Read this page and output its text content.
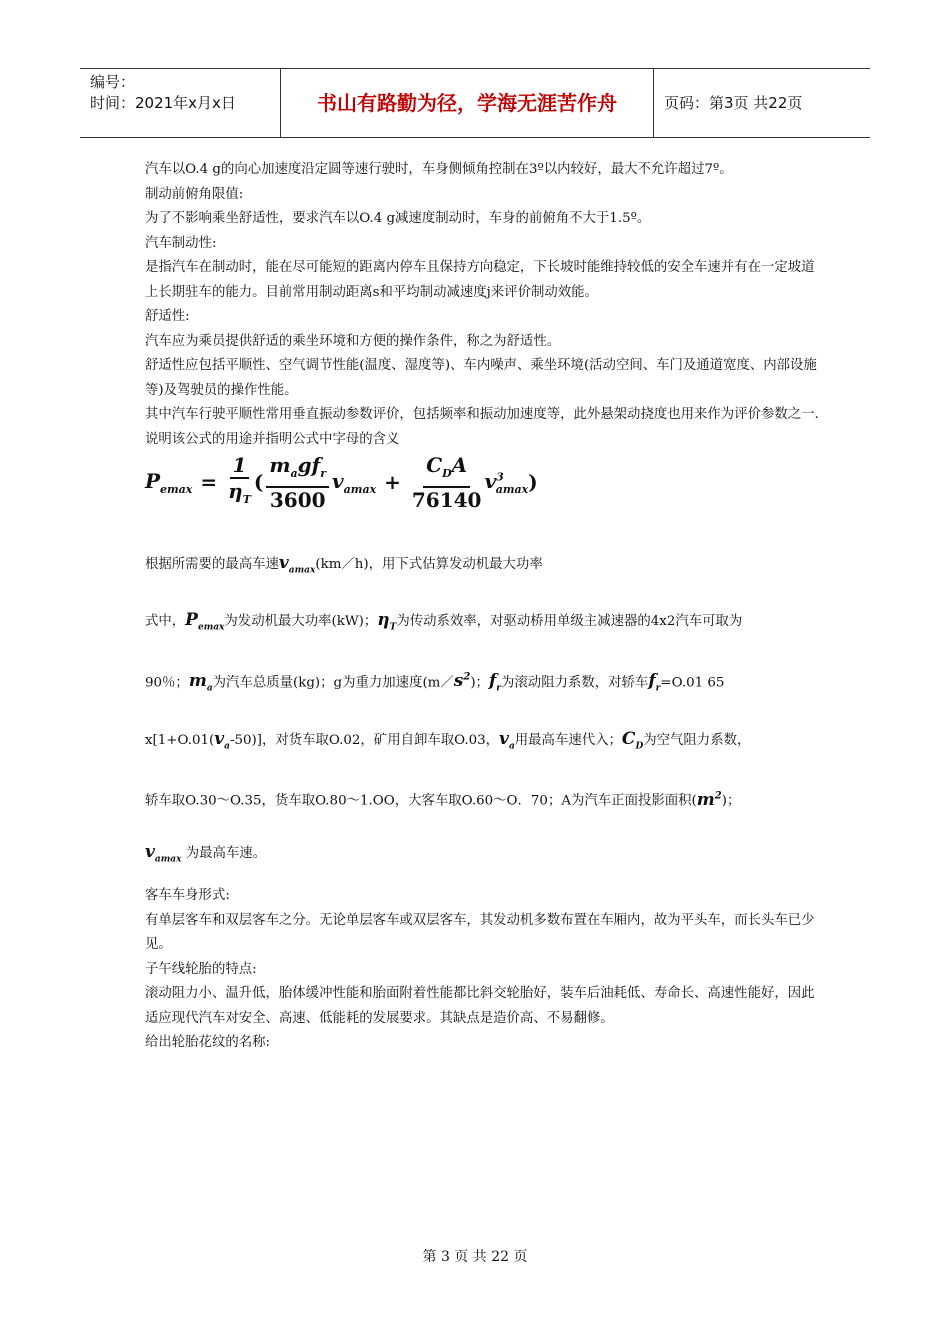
编号：
时间：2021年x月x日	书山有路勤为径，学海无涯苦作舟	页码：第3页 共22页

汽车以O.4 g的向心加速度沿定圆等速行驶时，车身侧倾角控制在3º以内较好，最大不允许超过7º。

制动前俯角限值:

为了不影响乘坐舒适性，要求汽车以O.4 g减速度制动时，车身的前俯角不大于1.5º。

汽车制动性:

是指汽车在制动时，能在尽可能短的距离内停车且保持方向稳定，下长坡时能维持较低的安全车速并有在一定坡道上长期驻车的能力。目前常用制动距离s和平均制动减速度j来评价制动效能。

舒适性:

汽车应为乘员提供舒适的乘坐环境和方便的操作条件，称之为舒适性。

舒适性应包括平顺性、空气调节性能(温度、湿度等)、车内噪声、乘坐环境(活动空间、车门及通道宽度、内部设施等)及驾驶员的操作性能。

其中汽车行驶平顺性常用垂直振动参数评价，包括频率和振动加速度等，此外悬架动挠度也用来作为评价参数之一.

说明该公式的用途并指明公式中字母的含义

$P_{emax} = \frac{1}{\eta_T}$ ( $\frac{m_agf_r}{3600} v_{amax} + \frac{C_DA}{76140} v^3_{amax}$ )

根据所需要的最高车速$v_{amax}(km/h)$，用下式估算发动机最大功率

式中，$P_{emax}$为发动机最大功率(kW)；$\eta_T$为传动系效率，对驱动桥用单级主减速器的4x2汽车可取为

90％；$m_a$为汽车总质量(kg)；g为重力加速度$(m/s^2)$；$f_r$为滚动阻力系数，对轿车$f_r=O.01$ 65

$x[1+O.01(v_a-50)]$，对货车取O.02，矿用自卸车取O.03，$v_a$用最高车速代入；$C_D$为空气阻力系数，

轿车取O.30～O.35，货车取O.80～1.OO，大客车取O.60～O．70；A为汽车正面投影面积$(m^2)$；

$v_{amax}$ 为最高车速。

客车车身形式:

有单层客车和双层客车之分。无论单层客车或双层客车，其发动机多数布置在车厢内，故为平头车，而长头车已少见。

子午线轮胎的特点:

滚动阻力小、温升低，胎体缓冲性能和胎面附着性能都比斜交轮胎好，装车后油耗低、寿命长、高速性能好，因此适应现代汽车对安全、高速、低能耗的发展要求。其缺点是造价高、不易翻修。

给出轮胎花纹的名称:

第 3 页 共 22 页
